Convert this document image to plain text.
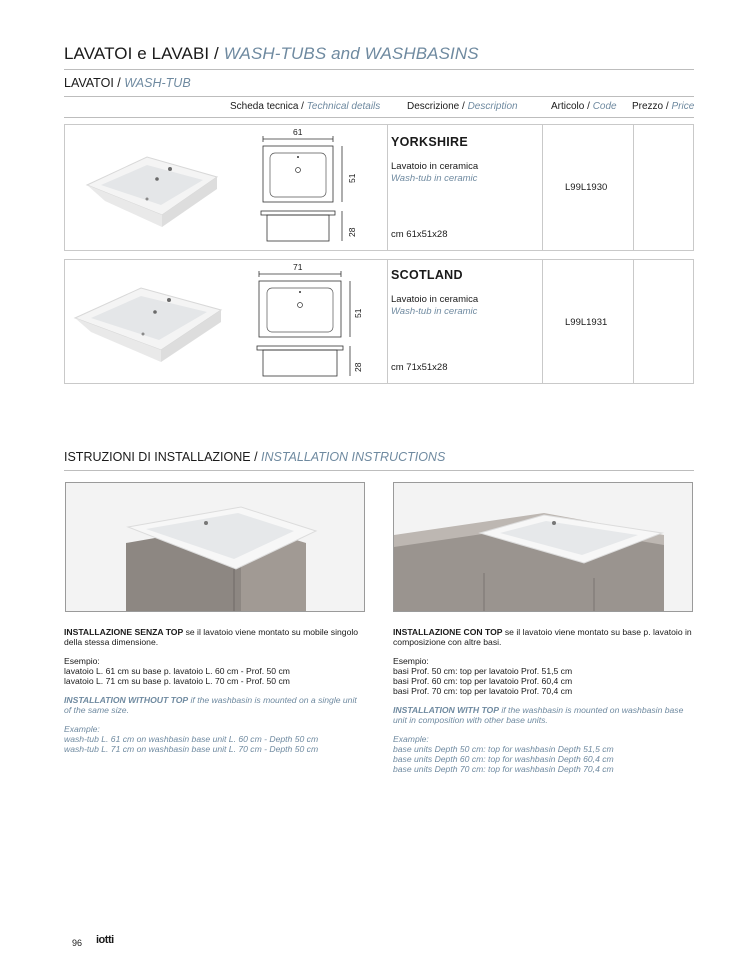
LAVATOI e LAVABI / WASH-TUBS and WASHBASINS
LAVATOI / WASH-TUB
Scheda tecnica / Technical details	Descrizione / Description	Articolo / Code Prezzo / Price
61
51
28
YORKSHIRE
Lavatoio in ceramica
Wash-tub in ceramic
cm 61x51x28
L99L1930
71
51
28
SCOTLAND
Lavatoio in ceramica
Wash-tub in ceramic
cm 71x51x28
L99L1931
ISTRUZIONI DI INSTALLAZIONE / INSTALLATION INSTRUCTIONS

INSTALLAZIONE SENZA TOP se il lavatoio viene montato su mobile singolo della stessa dimensione.

Esempio:
lavatoio L. 61 cm su base p. lavatoio L. 60 cm - Prof. 50 cm
lavatoio L. 71 cm su base p. lavatoio L. 70 cm - Prof. 50 cm

INSTALLATION WITHOUT TOP if the washbasin is mounted on a single unit of the same size.

Example:
wash-tub L. 61 cm on washbasin base unit L. 60 cm - Depth 50 cm
wash-tub L. 71 cm on washbasin base unit L. 70 cm - Depth 50 cm

INSTALLAZIONE CON TOP se il lavatoio viene montato su base p. lavatoio in composizione con altre basi.

Esempio:
basi Prof. 50 cm: top per lavatoio Prof. 51,5 cm
basi Prof. 60 cm: top per lavatoio Prof. 60,4 cm
basi Prof. 70 cm: top per lavatoio Prof. 70,4 cm

INSTALLATION WITH TOP if the washbasin is mounted on washbasin base unit in composition with other base units.

Example:
base units Depth 50 cm: top for washbasin Depth 51,5 cm
base units Depth 60 cm: top for washbasin Depth 60,4 cm
base units Depth 70 cm: top for washbasin Depth 70,4 cm

96 iotti
